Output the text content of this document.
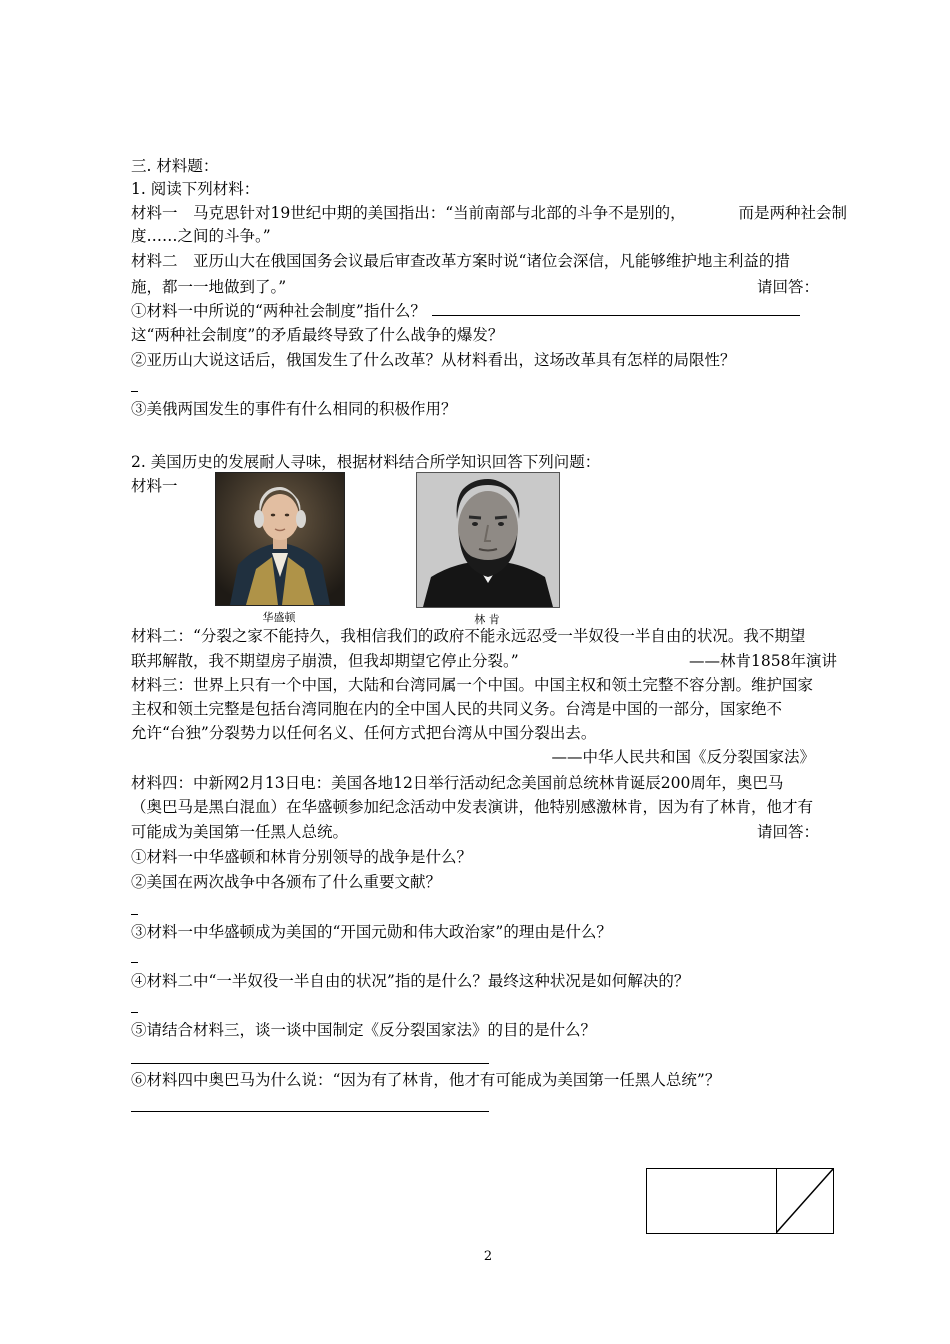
三. 材料题：
1. 阅读下列材料：
材料一　马克思针对19世纪中期的美国指出：“当前南部与北部的斗争不是别的，	而是两种社会制
度……之间的斗争。”
材料二　亚历山大在俄国国务会议最后审查改革方案时说“诸位会深信，凡能够维护地主利益的措
施，都一一地做到了。”	请回答：
①材料一中所说的“两种社会制度”指什么？
这“两种社会制度”的矛盾最终导致了什么战争的爆发？
②亚历山大说这话后，俄国发生了什么改革？从材料看出，这场改革具有怎样的局限性？
③美俄两国发生的事件有什么相同的积极作用？
2. 美国历史的发展耐人寻味，根据材料结合所学知识回答下列问题：
材料一
华盛顿	林 肯
材料二：“分裂之家不能持久，我相信我们的政府不能永远忍受一半奴役一半自由的状况。我不期望
联邦解散，我不期望房子崩溃，但我却期望它停止分裂。”	——林肯1858年演讲
材料三：世界上只有一个中国，大陆和台湾同属一个中国。中国主权和领土完整不容分割。维护国家
主权和领土完整是包括台湾同胞在内的全中国人民的共同义务。台湾是中国的一部分，国家绝不
允许“台独”分裂势力以任何名义、任何方式把台湾从中国分裂出去。
——中华人民共和国《反分裂国家法》
材料四：中新网2月13日电：美国各地12日举行活动纪念美国前总统林肯诞辰200周年，奥巴马
（奥巴马是黑白混血）在华盛顿参加纪念活动中发表演讲，他特别感激林肯，因为有了林肯，他才有
可能成为美国第一任黑人总统。	请回答：
①材料一中华盛顿和林肯分别领导的战争是什么？
②美国在两次战争中各颁布了什么重要文献？
③材料一中华盛顿成为美国的“开国元勋和伟大政治家”的理由是什么？
④材料二中“一半奴役一半自由的状况”指的是什么？最终这种状况是如何解决的？
⑤请结合材料三，谈一谈中国制定《反分裂国家法》的目的是什么？
⑥材料四中奥巴马为什么说：“因为有了林肯，他才有可能成为美国第一任黑人总统”？
2
